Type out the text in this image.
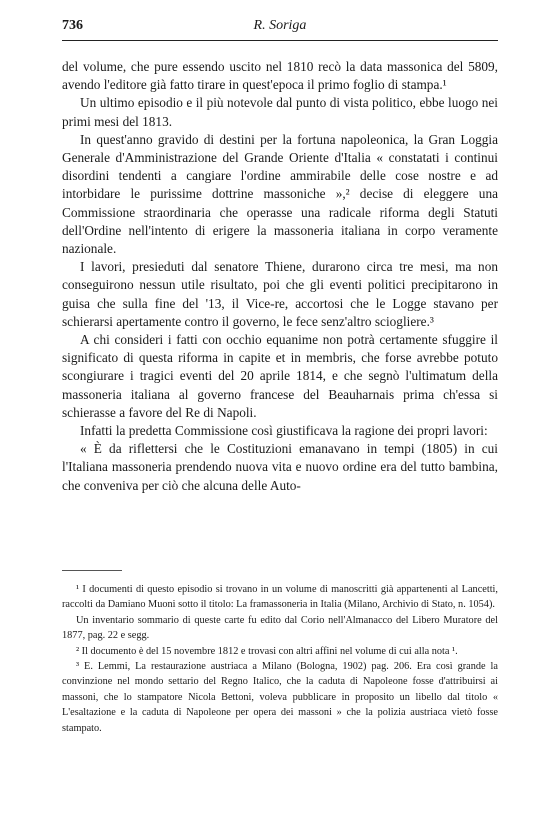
736	R. Soriga

del volume, che pure essendo uscito nel 1810 recò la data massonica del 5809, avendo l'editore già fatto tirare in quest'epoca il primo foglio di stampa.¹

Un ultimo episodio e il più notevole dal punto di vista politico, ebbe luogo nei primi mesi del 1813.

In quest'anno gravido di destini per la fortuna napoleonica, la Gran Loggia Generale d'Amministrazione del Grande Oriente d'Italia « constatati i continui disordini tendenti a cangiare l'ordine ammirabile delle cose nostre e ad intorbidare le purissime dottrine massoniche »,² decise di eleggere una Commissione straordinaria che operasse una radicale riforma degli Statuti dell'Ordine nell'intento di erigere la massoneria italiana in corpo veramente nazionale.

I lavori, presieduti dal senatore Thiene, durarono circa tre mesi, ma non conseguirono nessun utile risultato, poi che gli eventi politici precipitarono in guisa che sulla fine del '13, il Vice-re, accortosi che le Logge stavano per schierarsi apertamente contro il governo, le fece senz'altro sciogliere.³

A chi consideri i fatti con occhio equanime non potrà certamente sfuggire il significato di questa riforma in capite et in membris, che forse avrebbe potuto scongiurare i tragici eventi del 20 aprile 1814, e che segnò l'ultimatum della massoneria italiana al governo francese del Beauharnais prima ch'essa si schierasse a favore del Re di Napoli.

Infatti la predetta Commissione così giustificava la ragione dei propri lavori:

« È da riflettersi che le Costituzioni emanavano in tempi (1805) in cui l'Italiana massoneria prendendo nuova vita e nuovo ordine era del tutto bambina, che conveniva per ciò che alcuna delle Auto-

¹ I documenti di questo episodio si trovano in un volume di manoscritti già appartenenti al Lancetti, raccolti da Damiano Muoni sotto il titolo: La framassoneria in Italia (Milano, Archivio di Stato, n. 1054).

Un inventario sommario di queste carte fu edito dal Corio nell'Almanacco del Libero Muratore del 1877, pag. 22 e segg.

² Il documento è del 15 novembre 1812 e trovasi con altri affini nel volume di cui alla nota ¹.

³ E. Lemmi, La restaurazione austriaca a Milano (Bologna, 1902) pag. 206. Era così grande la convinzione nel mondo settario del Regno Italico, che la caduta di Napoleone fosse d'attribuirsi ai massoni, che lo stampatore Nicola Bettoni, voleva pubblicare in proposito un libello dal titolo « L'esaltazione e la caduta di Napoleone per opera dei massoni » che la polizia austriaca vietò fosse stampato.
